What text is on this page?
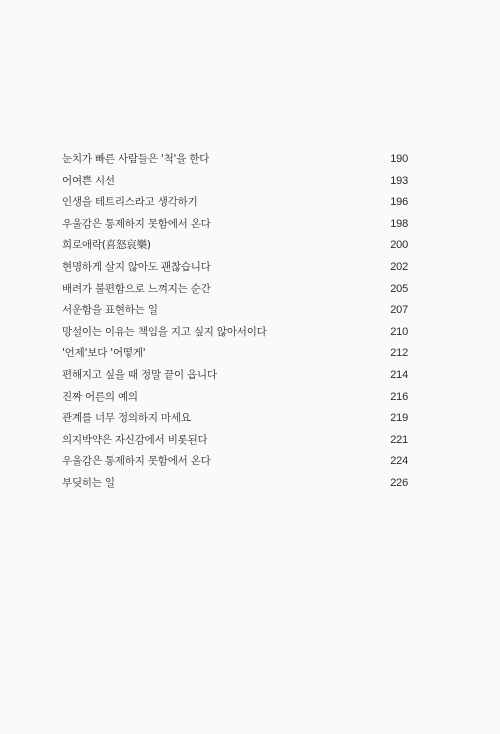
눈치가 빠른 사람들은 '척'을 한다	190
어여쁜 시선	193
인생을 테트리스라고 생각하기	196
우울감은 통제하지 못함에서 온다	198
희로애락(喜怒哀樂)	200
현명하게 살지 않아도 괜찮습니다	202
배려가 불편함으로 느껴지는 순간	205
서운함을 표현하는 일	207
망설이는 이유는 책임을 지고 싶지 않아서이다	210
'언제'보다 '어떻게'	212
편해지고 싶을 때 정말 끝이 옵니다	214
진짜 어른의 예의	216
관계를 너무 정의하지 마세요	219
의지박약은 자신감에서 비롯된다	221
우울감은 통제하지 못함에서 온다	224
부딪히는 일	226
